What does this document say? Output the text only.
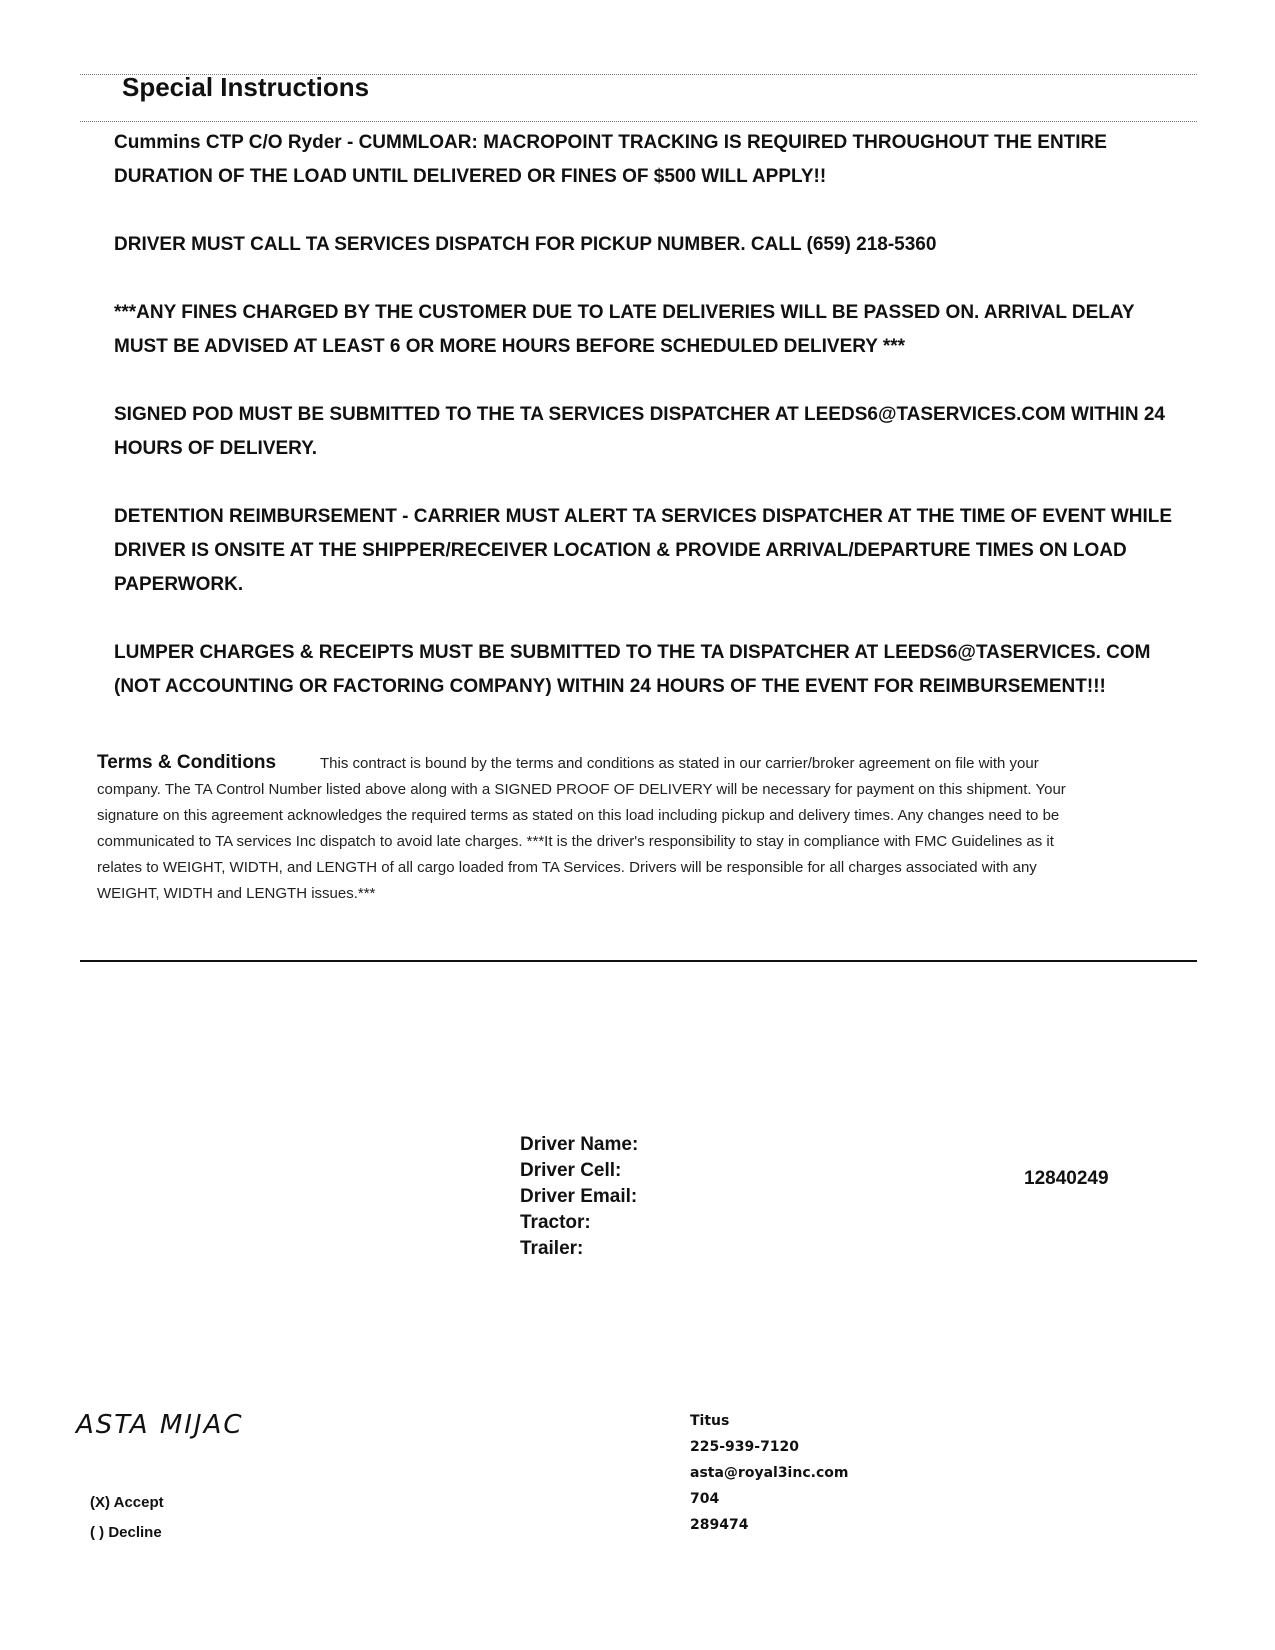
Special Instructions

Cummins CTP C/O Ryder - CUMMLOAR: MACROPOINT TRACKING IS REQUIRED THROUGHOUT THE ENTIRE DURATION OF THE LOAD UNTIL DELIVERED OR FINES OF $500 WILL APPLY!!

DRIVER MUST CALL TA SERVICES DISPATCH FOR PICKUP NUMBER. CALL (659) 218-5360

***ANY FINES CHARGED BY THE CUSTOMER DUE TO LATE DELIVERIES WILL BE PASSED ON. ARRIVAL DELAY MUST BE ADVISED AT LEAST 6 OR MORE HOURS BEFORE SCHEDULED DELIVERY ***

SIGNED POD MUST BE SUBMITTED TO THE TA SERVICES DISPATCHER AT LEEDS6@TASERVICES.COM WITHIN 24 HOURS OF DELIVERY.

DETENTION REIMBURSEMENT - CARRIER MUST ALERT TA SERVICES DISPATCHER AT THE TIME OF EVENT WHILE DRIVER IS ONSITE AT THE SHIPPER/RECEIVER LOCATION & PROVIDE ARRIVAL/DEPARTURE TIMES ON LOAD PAPERWORK.

LUMPER CHARGES & RECEIPTS MUST BE SUBMITTED TO THE TA DISPATCHER AT LEEDS6@TASERVICES. COM (NOT ACCOUNTING OR FACTORING COMPANY) WITHIN 24 HOURS OF THE EVENT FOR REIMBURSEMENT!!!

Terms & Conditions	This contract is bound by the terms and conditions as stated in our carrier/broker agreement on file with your company. The TA Control Number listed above along with a SIGNED PROOF OF DELIVERY will be necessary for payment on this shipment. Your signature on this agreement acknowledges the required terms as stated on this load including pickup and delivery times. Any changes need to be communicated to TA services Inc dispatch to avoid late charges. ***It is the driver's responsibility to stay in compliance with FMC Guidelines as it relates to WEIGHT, WIDTH, and LENGTH of all cargo loaded from TA Services. Drivers will be responsible for all charges associated with any WEIGHT, WIDTH and LENGTH issues.***
Driver Name:
Driver Cell:
Driver Email:
Tractor:
Trailer:
12840249
ASTA MIJAC
(X) Accept
( ) Decline
Titus
225-939-7120
asta@royal3inc.com
704
289474
